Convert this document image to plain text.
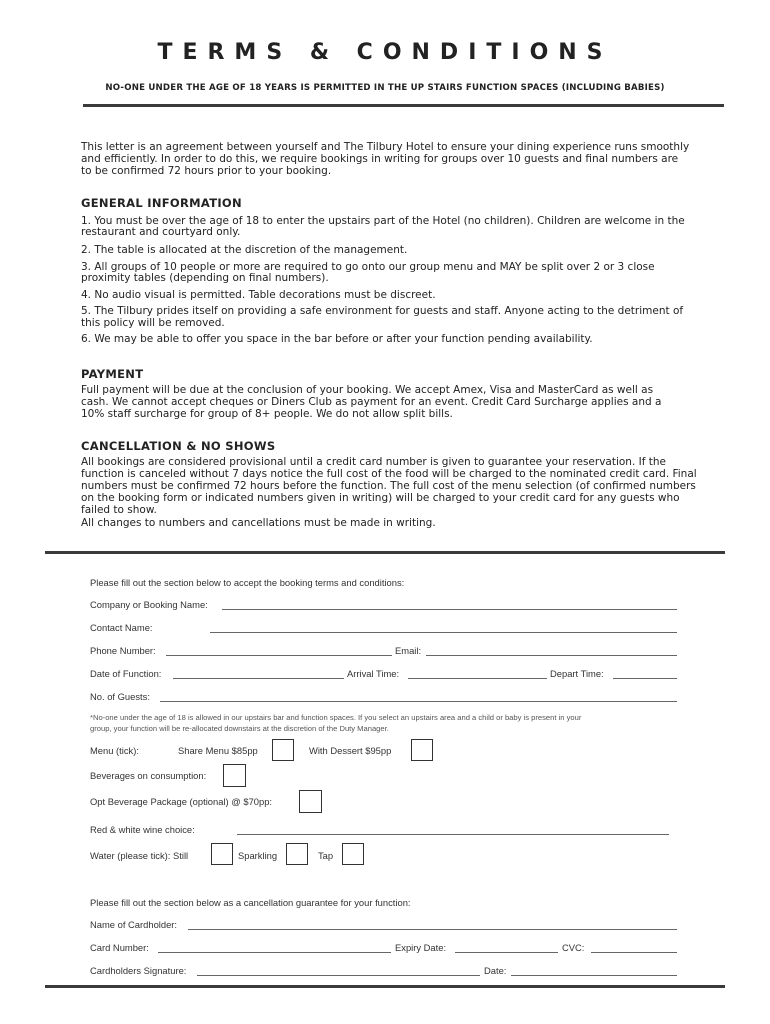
TERMS & CONDITIONS
NO-ONE UNDER THE AGE OF 18 YEARS IS PERMITTED IN THE UP STAIRS FUNCTION SPACES (INCLUDING BABIES)
This letter is an agreement between yourself and The Tilbury Hotel to ensure your dining experience runs smoothly
and efficiently. In order to do this, we require bookings in writing for groups over 10 guests and final numbers are
to be confirmed 72 hours prior to your booking.
GENERAL INFORMATION
1. You must be over the age of 18 to enter the upstairs part of the Hotel (no children). Children are welcome in the
restaurant and courtyard only.
2. The table is allocated at the discretion of the management.
3. All groups of 10 people or more are required to go onto our group menu and MAY be split over 2 or 3 close
proximity tables (depending on final numbers).
4. No audio visual is permitted. Table decorations must be discreet.
5. The Tilbury prides itself on providing a safe environment for guests and staff. Anyone acting to the detriment of
this policy will be removed.
6. We may be able to offer you space in the bar before or after your function pending availability.
PAYMENT
Full payment will be due at the conclusion of your booking. We accept Amex, Visa and MasterCard as well as
cash. We cannot accept cheques or Diners Club as payment for an event. Credit Card Surcharge applies and a
10% staff surcharge for group of 8+ people. We do not allow split bills.
CANCELLATION & NO SHOWS
All bookings are considered provisional until a credit card number is given to guarantee your reservation. If the
function is canceled without 7 days notice the full cost of the food will be charged to the nominated credit card. Final
numbers must be confirmed 72 hours before the function. The full cost of the menu selection (of confirmed numbers
on the booking form or indicated numbers given in writing) will be charged to your credit card for any guests who
failed to show.
All changes to numbers and cancellations must be made in writing.
Please fill out the section below to accept the booking terms and conditions:
Company or Booking Name:
Contact Name:
Phone Number:	Email:
Date of Function:	Arrival Time:	Depart Time:
No. of Guests:
*No-one under the age of 18 is allowed in our upstairs bar and function spaces. If you select an upstairs area and a child or baby is present in your
group, your function will be re-allocated downstairs at the discretion of the Duty Manager.
Menu (tick):	Share Menu $85pp	With Dessert $95pp
Beverages on consumption:
Opt Beverage Package (optional) @ $70pp:
Red & white wine choice:
Water (please tick): Still	Sparkling	Tap
Please fill out the section below as a cancellation guarantee for your function:
Name of Cardholder:
Card Number:	Expiry Date:	CVC:
Cardholders Signature:	Date:
